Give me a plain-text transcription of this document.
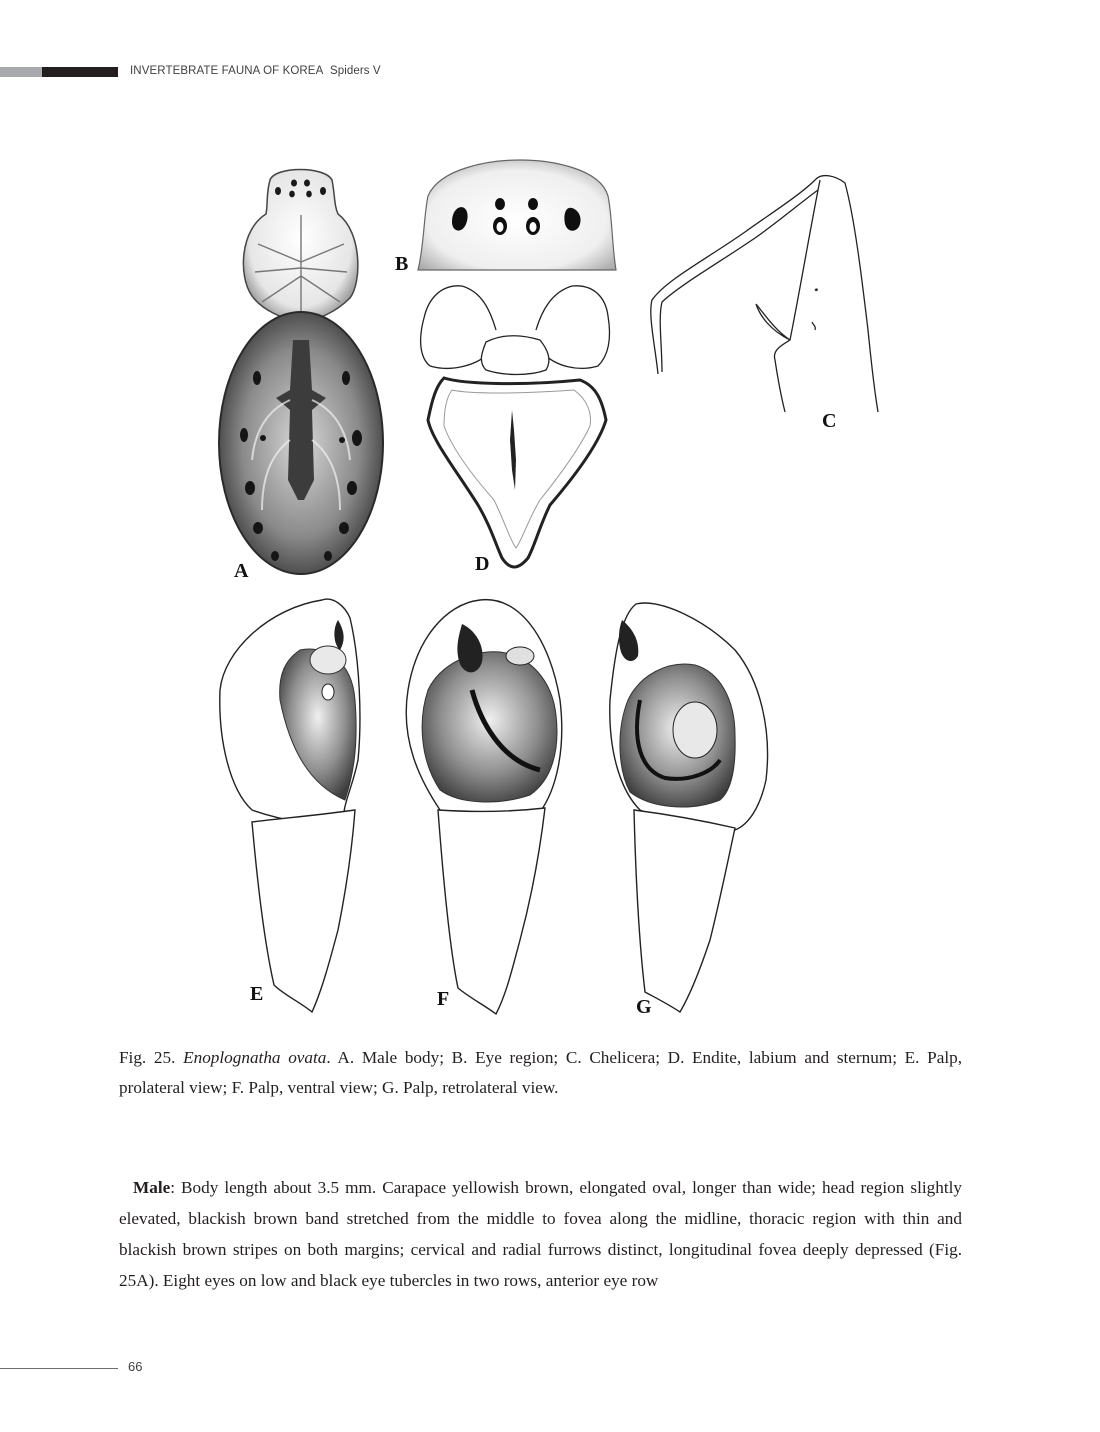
INVERTEBRATE FAUNA OF KOREA Spiders V
A
B
C
D
E	F	G

Fig. 25. Enoplognatha ovata. A. Male body; B. Eye region; C. Chelicera; D. Endite, labium and sternum; E. Palp, prolateral view; F. Palp, ventral view; G. Palp, retrolateral view.

Male: Body length about 3.5 mm. Carapace yellowish brown, elongated oval, longer than wide; head region slightly elevated, blackish brown band stretched from the middle to fovea along the midline, thoracic region with thin and blackish brown stripes on both margins; cervical and radial furrows distinct, longitudinal fovea deeply depressed (Fig. 25A). Eight eyes on low and black eye tubercles in two rows, anterior eye row

66
